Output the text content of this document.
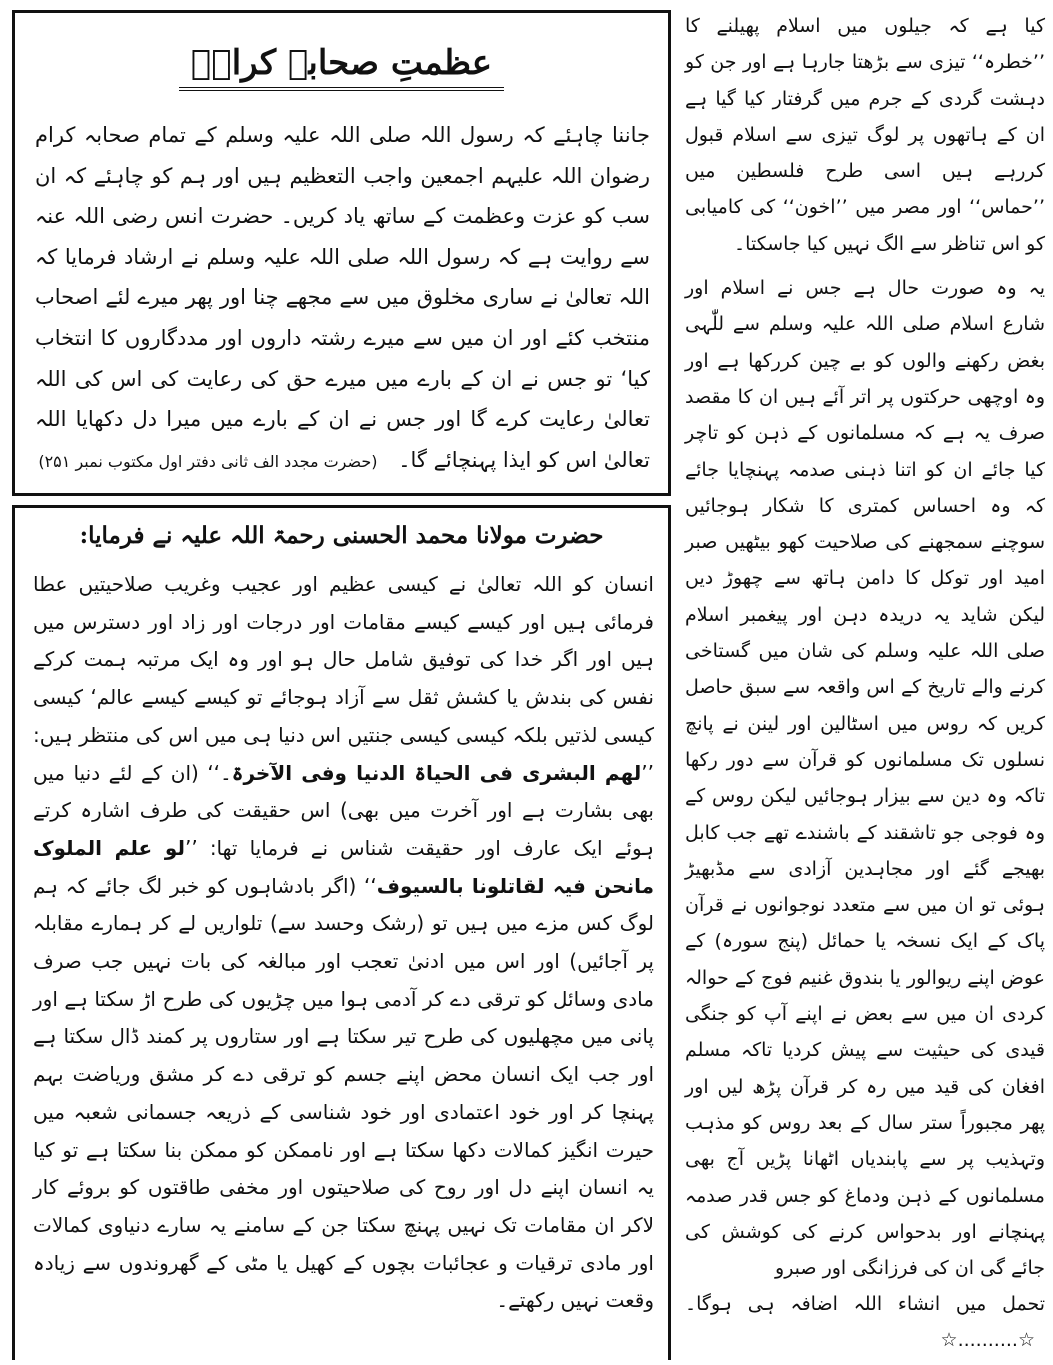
کیا ہے کہ جیلوں میں اسلام پھیلنے کا ’’خطرہ‘‘ تیزی سے بڑھتا جارہا ہے اور جن کو دہشت گردی کے جرم میں گرفتار کیا گیا ہے ان کے ہاتھوں پر لوگ تیزی سے اسلام قبول کررہے ہیں اسی طرح فلسطین میں ’’حماس‘‘ اور مصر میں ’’اخون‘‘ کی کامیابی کو اس تناظر سے الگ نہیں کیا جاسکتا۔

یہ وہ صورت حال ہے جس نے اسلام اور شارع اسلام صلی اللہ علیہ وسلم سے للّٰہی بغض رکھنے والوں کو بے چین کررکھا ہے اور وہ اوچھی حرکتوں پر اتر آئے ہیں ان کا مقصد صرف یہ ہے کہ مسلمانوں کے ذہن کو تاچر کیا جائے ان کو اتنا ذہنی صدمہ پہنچایا جائے کہ وہ احساس کمتری کا شکار ہوجائیں سوچنے سمجھنے کی صلاحیت کھو بیٹھیں صبر امید اور توکل کا دامن ہاتھ سے چھوڑ دیں لیکن شاید یہ دریدہ دہن اور پیغمبر اسلام صلی اللہ علیہ وسلم کی شان میں گستاخی کرنے والے تاریخ کے اس واقعہ سے سبق حاصل کریں کہ روس میں اسٹالین اور لینن نے پانچ نسلوں تک مسلمانوں کو قرآن سے دور رکھا تاکہ وہ دین سے بیزار ہوجائیں لیکن روس کے وہ فوجی جو تاشقند کے باشندے تھے جب کابل بھیجے گئے اور مجاہدین آزادی سے مڈبھیڑ ہوئی تو ان میں سے متعدد نوجوانوں نے قرآن پاک کے ایک نسخہ یا حمائل (پنج سورہ) کے عوض اپنے ریوالور یا بندوق غنیم فوج کے حوالہ کردی ان میں سے بعض نے اپنے آپ کو جنگی قیدی کی حیثیت سے پیش کردیا تاکہ مسلم افغان کی قید میں رہ کر قرآن پڑھ لیں اور پھر مجبوراً ستر سال کے بعد روس کو مذہب وتہذیب پر سے پابندیاں اٹھانا پڑیں آج بھی مسلمانوں کے ذہن ودماغ کو جس قدر صدمہ پہنچانے اور بدحواس کرنے کی کوشش کی جائے گی ان کی فرزانگی اور صبرو

تحمل میں انشاء اللہ اضافہ ہی ہوگا۔ ☆..........☆
عظمتِ صحابہ کرامؓ

جاننا چاہئے کہ رسول اللہ صلی اللہ علیہ وسلم کے تمام صحابہ کرام رضوان اللہ علیہم اجمعین واجب التعظیم ہیں اور ہم کو چاہئے کہ ان سب کو عزت وعظمت کے ساتھ یاد کریں۔ حضرت انس رضی اللہ عنہ سے روایت ہے کہ رسول اللہ صلی اللہ علیہ وسلم نے ارشاد فرمایا کہ اللہ تعالیٰ نے ساری مخلوق میں سے مجھے چنا اور پھر میرے لئے اصحاب منتخب کئے اور ان میں سے میرے رشتہ داروں اور مددگاروں کا انتخاب کیا‘ تو جس نے ان کے بارے میں میرے حق کی رعایت کی اس کی اللہ تعالیٰ رعایت کرے گا اور جس نے ان کے بارے میں میرا دل دکھایا اللہ تعالیٰ اس کو ایذا پہنچائے گا۔ (حضرت مجدد الف ثانی دفتر اول مکتوب نمبر ۲۵۱)

حضرت مولانا محمد الحسنی رحمۃ اللہ علیہ نے فرمایا:

انسان کو اللہ تعالیٰ نے کیسی عظیم اور عجیب وغریب صلاحیتیں عطا فرمائی ہیں اور کیسے کیسے مقامات اور درجات اور زاد اور دسترس میں ہیں اور اگر خدا کی توفیق شامل حال ہو اور وہ ایک مرتبہ ہمت کرکے نفس کی بندش یا کشش ثقل سے آزاد ہوجائے تو کیسے کیسے عالم‘ کیسی کیسی لذتیں بلکہ کیسی کیسی جنتیں اس دنیا ہی میں اس کی منتظر ہیں: ’’لھم البشری فی الحیاۃ الدنیا وفی الآخرۃ۔‘‘ (ان کے لئے دنیا میں بھی بشارت ہے اور آخرت میں بھی) اس حقیقت کی طرف اشارہ کرتے ہوئے ایک عارف اور حقیقت شناس نے فرمایا تھا: ’’لو علم الملوک مانحن فیہ لقاتلونا بالسیوف‘‘ (اگر بادشاہوں کو خبر لگ جائے کہ ہم لوگ کس مزے میں ہیں تو (رشک وحسد سے) تلواریں لے کر ہمارے مقابلہ پر آجائیں) اور اس میں ادنیٰ تعجب اور مبالغہ کی بات نہیں جب صرف مادی وسائل کو ترقی دے کر آدمی ہوا میں چڑیوں کی طرح اڑ سکتا ہے اور پانی میں مچھلیوں کی طرح تیر سکتا ہے اور ستاروں پر کمند ڈال سکتا ہے اور جب ایک انسان محض اپنے جسم کو ترقی دے کر مشق وریاضت بہم پہنچا کر اور خود اعتمادی اور خود شناسی کے ذریعہ جسمانی شعبہ میں حیرت انگیز کمالات دکھا سکتا ہے اور ناممکن کو ممکن بنا سکتا ہے تو کیا یہ انسان اپنے دل اور روح کی صلاحیتوں اور مخفی طاقتوں کو بروئے کار لاکر ان مقامات تک نہیں پہنچ سکتا جن کے سامنے یہ سارے دنیاوی کمالات اور مادی ترقیات و عجائبات بچوں کے کھیل یا مٹی کے گھروندوں سے زیادہ وقعت نہیں رکھتے۔
